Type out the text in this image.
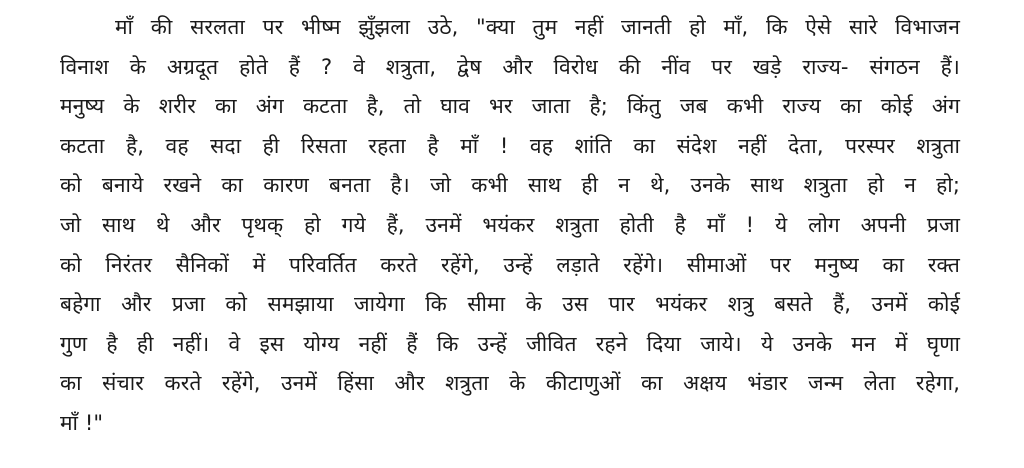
माँ की सरलता पर भीष्म झुँझला उठे, "क्या तुम नहीं जानती हो माँ, कि ऐसे सारे विभाजन
विनाश के अग्रदूत होते हैं ? वे शत्रुता, द्वेष और विरोध की नींव पर खड़े राज्य- संगठन हैं।
मनुष्य के शरीर का अंग कटता है, तो घाव भर जाता है; किंतु जब कभी राज्य का कोई अंग
कटता है, वह सदा ही रिसता रहता है माँ ! वह शांति का संदेश नहीं देता, परस्पर शत्रुता
को बनाये रखने का कारण बनता है। जो कभी साथ ही न थे, उनके साथ शत्रुता हो न हो;
जो साथ थे और पृथक् हो गये हैं, उनमें भयंकर शत्रुता होती है माँ ! ये लोग अपनी प्रजा
को निरंतर सैनिकों में परिवर्तित करते रहेंगे, उन्हें लड़ाते रहेंगे। सीमाओं पर मनुष्य का रक्त
बहेगा और प्रजा को समझाया जायेगा कि सीमा के उस पार भयंकर शत्रु बसते हैं, उनमें कोई
गुण है ही नहीं। वे इस योग्य नहीं हैं कि उन्हें जीवित रहने दिया जाये। ये उनके मन में घृणा
का संचार करते रहेंगे, उनमें हिंसा और शत्रुता के कीटाणुओं का अक्षय भंडार जन्म लेता रहेगा,
माँ !"
